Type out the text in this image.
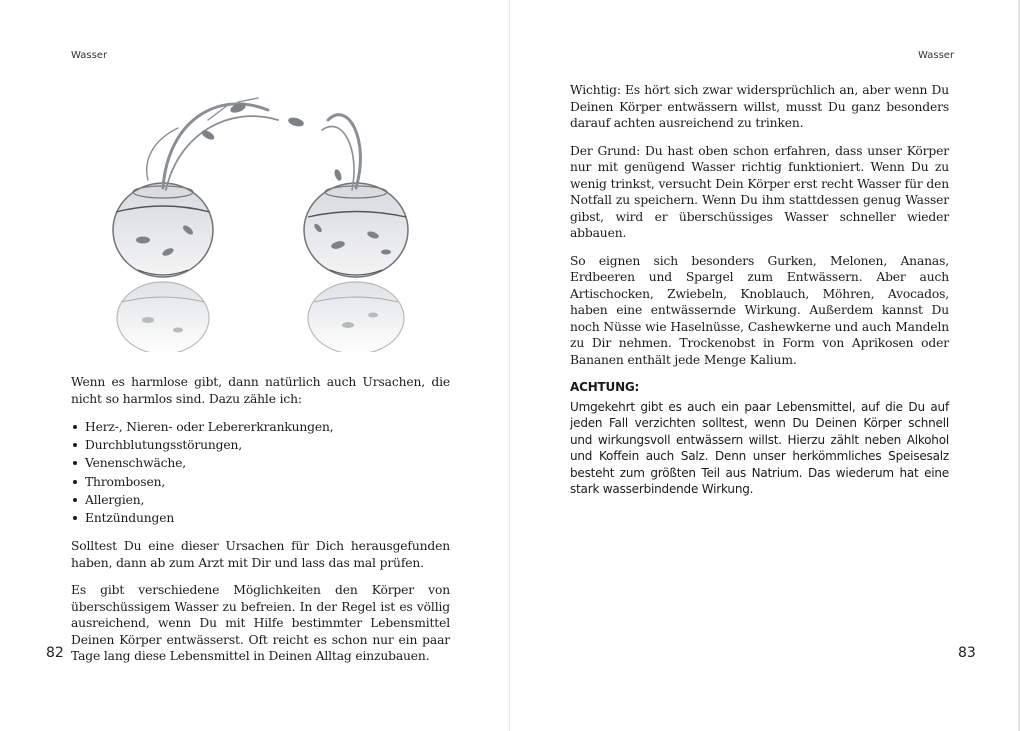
Wasser

Wenn es harmlose gibt, dann natürlich auch Ursachen, die nicht so harmlos sind. Dazu zähle ich:

Herz-, Nieren- oder Lebererkrankungen,
Durchblutungsstörungen,
Venenschwäche,
Thrombosen,
Allergien,
Entzündungen

Solltest Du eine dieser Ursachen für Dich herausgefunden haben, dann ab zum Arzt mit Dir und lass das mal prüfen.

Es gibt verschiedene Möglichkeiten den Körper von überschüssigem Wasser zu befreien. In der Regel ist es völlig ausreichend, wenn Du mit Hilfe bestimmter Lebensmittel Deinen Körper entwässerst. Oft reicht es schon nur ein paar Tage lang diese Lebensmittel in Deinen Alltag einzubauen.

82
Wasser

Wichtig: Es hört sich zwar widersprüchlich an, aber wenn Du Deinen Körper entwässern willst, musst Du ganz besonders darauf achten ausreichend zu trinken.

Der Grund: Du hast oben schon erfahren, dass unser Körper nur mit genügend Wasser richtig funktioniert. Wenn Du zu wenig trinkst, versucht Dein Körper erst recht Wasser für den Notfall zu speichern. Wenn Du ihm stattdessen genug Wasser gibst, wird er überschüssiges Wasser schneller wieder abbauen.

So eignen sich besonders Gurken, Melonen, Ananas, Erdbeeren und Spargel zum Entwässern. Aber auch Artischocken, Zwiebeln, Knoblauch, Möhren, Avocados, haben eine entwässernde Wirkung. Außerdem kannst Du noch Nüsse wie Haselnüsse, Cashewkerne und auch Mandeln zu Dir nehmen. Trockenobst in Form von Aprikosen oder Bananen enthält jede Menge Kalium.

ACHTUNG:

Umgekehrt gibt es auch ein paar Lebensmittel, auf die Du auf jeden Fall verzichten solltest, wenn Du Deinen Körper schnell und wirkungsvoll entwässern willst. Hierzu zählt neben Alkohol und Koffein auch Salz. Denn unser herkömmliches Speisesalz besteht zum größten Teil aus Natrium. Das wiederum hat eine stark wasserbindende Wirkung.

83
